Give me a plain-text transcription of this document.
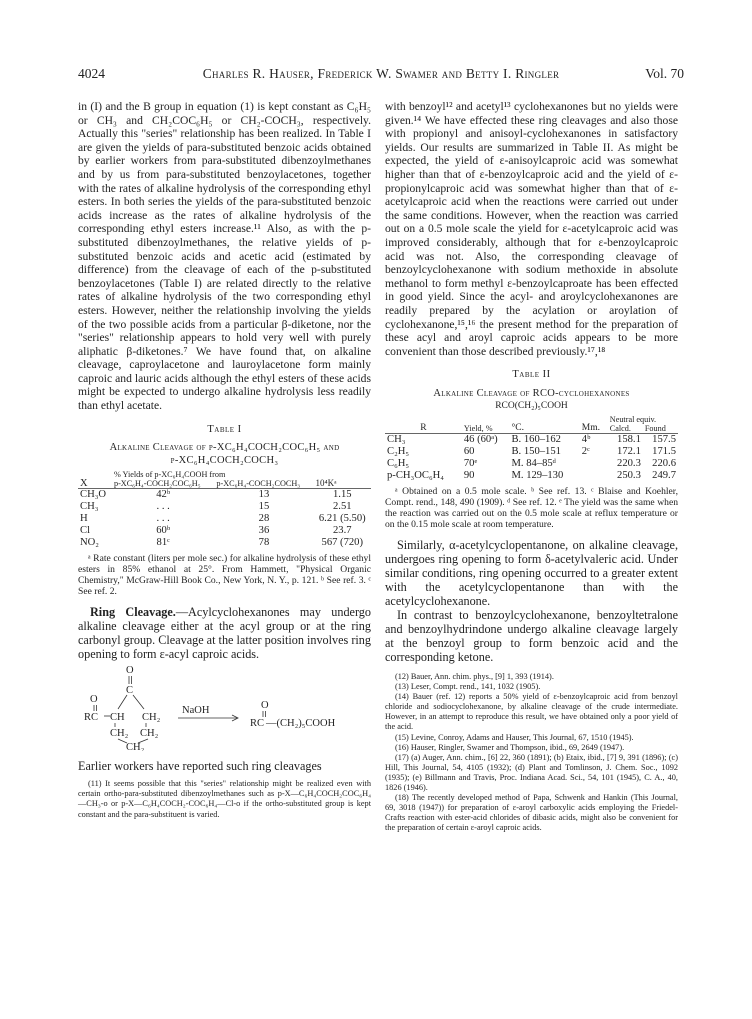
4024	Charles R. Hauser, Frederick W. Swamer and Betty I. Ringler	Vol. 70

in (I) and the B group in equation (1) is kept constant as C₆H₅ or CH₃ and CH₂COC₆H₅ or CH₂-COCH₃, respectively. Actually this "series" relationship has been realized. In Table I are given the yields of para-substituted benzoic acids obtained by earlier workers from para-substituted dibenzoylmethanes and by us from para-substituted benzoylacetones, together with the rates of alkaline hydrolysis of the corresponding ethyl esters. In both series the yields of the para-substituted benzoic acids increase as the rates of alkaline hydrolysis of the corresponding ethyl esters increase.¹¹ Also, as with the p-substituted dibenzoylmethanes, the relative yields of p-substituted benzoic acids and acetic acid (estimated by difference) from the cleavage of each of the p-substituted benzoylacetones (Table I) are related directly to the relative rates of alkaline hydrolysis of the two corresponding ethyl esters. However, neither the relationship involving the yields of the two possible acids from a particular β-diketone, nor the "series" relationship appears to hold very well with purely aliphatic β-diketones.⁷ We have found that, on alkaline cleavage, caproylacetone and lauroylacetone form mainly caproic and lauric acids although the ethyl esters of these acids might be expected to undergo alkaline hydrolysis less readily than ethyl acetate.

Table I
Alkaline Cleavage of p-XC₆H₄COCH₂COC₆H₅ and
p-XC₆H₄COCH₂COCH₃
X	% Yields of p-XC₆H₄COOH from		10⁴Kᵃ
	p-XC₆H₄-COCH₂COC₆H₅	p-XC₆H₄-COCH₂COCH₃	
CH₃O	42ᵇ	13	1.15
CH₃	. . .	15	2.51
H	. . .	28	6.21 (5.50)
Cl	60ᵇ	36	23.7
NO₂	81ᶜ	78	567 (720)

ᵃ Rate constant (liters per mole sec.) for alkaline hydrolysis of these ethyl esters in 85% ethanol at 25°. From Hammett, "Physical Organic Chemistry," McGraw-Hill Book Co., New York, N. Y., p. 121. ᵇ See ref. 3. ᶜ See ref. 2.

Ring Cleavage.—Acylcyclohexanones may undergo alkaline cleavage either at the acyl group or at the ring carbonyl group. Cleavage at the latter position involves ring opening to form ε-acyl caproic acids.

O
C
O
RC CH CH₂
CH₂ CH₂
CH₂
NaOH	O
RC —(CH₂)₅COOH

Earlier workers have reported such ring cleavages

(11) It seems possible that this "series" relationship might be realized even with certain ortho-para-substituted dibenzoylmethanes such as p-X—C₆H₄COCH₂COC₆H₄—CH₃-o or p-X—C₆H₄COCH₂-COC₆H₄—Cl-o if the ortho-substituted group is kept constant and the para-substituent is varied.

with benzoyl¹² and acetyl¹³ cyclohexanones but no yields were given.¹⁴ We have effected these ring cleavages and also those with propionyl and anisoyl-cyclohexanones in satisfactory yields. Our results are summarized in Table II. As might be expected, the yield of ε-anisoylcaproic acid was somewhat higher than that of ε-benzoylcaproic acid and the yield of ε-propionylcaproic acid was somewhat higher than that of ε-acetylcaproic acid when the reactions were carried out under the same conditions. However, when the reaction was carried out on a 0.5 mole scale the yield for ε-acetylcaproic acid was improved considerably, although that for ε-benzoylcaproic acid was not. Also, the corresponding cleavage of benzoylcyclohexanone with sodium methoxide in absolute methanol to form methyl ε-benzoylcaproate has been effected in good yield. Since the acyl- and aroylcyclohexanones are readily prepared by the acylation or aroylation of cyclohexanone,¹⁵,¹⁶ the present method for the preparation of these acyl and aroyl caproic acids appears to be more convenient than those described previously.¹⁷,¹⁸

Table II
Alkaline Cleavage of RCO-cyclohexanones
RCO(CH₂)₅COOH
R	Yield, %	°C.	Mm.	Neutral equiv.	
				Calcd.	Found
CH₃	46 (60ᵃ)	B. 160–162	4ᵇ	158.1	157.5
C₂H₅	60	B. 150–151	2ᶜ	172.1	171.5
C₆H₅	70ᵉ	M. 84–85ᵈ		220.3	220.6
p-CH₃OC₆H₄	90	M. 129–130		250.3	249.7

ᵃ Obtained on a 0.5 mole scale. ᵇ See ref. 13. ᶜ Blaise and Koehler, Compt. rend., 148, 490 (1909). ᵈ See ref. 12. ᵉ The yield was the same when the reaction was carried out on the 0.5 mole scale at reflux temperature or on the 0.15 mole scale at room temperature.

Similarly, α-acetylcyclopentanone, on alkaline cleavage, undergoes ring opening to form δ-acetylvaleric acid. Under similar conditions, ring opening occurred to a greater extent with the acetylcyclopentanone than with the acetylcyclohexanone.

In contrast to benzoylcyclohexanone, benzoyltetralone and benzoylhydrindone undergo alkaline cleavage largely at the benzoyl group to form benzoic acid and the corresponding ketone.

(12) Bauer, Ann. chim. phys., [9] 1, 393 (1914).

(13) Leser, Compt. rend., 141, 1032 (1905).

(14) Bauer (ref. 12) reports a 50% yield of ε-benzoylcaproic acid from benzoyl chloride and sodiocyclohexanone, by alkaline cleavage of the crude intermediate. However, in an attempt to reproduce this result, we have obtained only a poor yield of the acid.

(15) Levine, Conroy, Adams and Hauser, This Journal, 67, 1510 (1945).

(16) Hauser, Ringler, Swamer and Thompson, ibid., 69, 2649 (1947).

(17) (a) Auger, Ann. chim., [6] 22, 360 (1891); (b) Etaix, ibid., [7] 9, 391 (1896); (c) Hill, This Journal, 54, 4105 (1932); (d) Plant and Tomlinson, J. Chem. Soc., 1092 (1935); (e) Billmann and Travis, Proc. Indiana Acad. Sci., 54, 101 (1945), C. A., 40, 1826 (1946).

(18) The recently developed method of Papa, Schwenk and Hankin (This Journal, 69, 3018 (1947)) for preparation of ε-aroyl carboxylic acids employing the Friedel-Crafts reaction with ester-acid chlorides of dibasic acids, might also be convenient for the preparation of certain ε-aroyl caproic acids.
